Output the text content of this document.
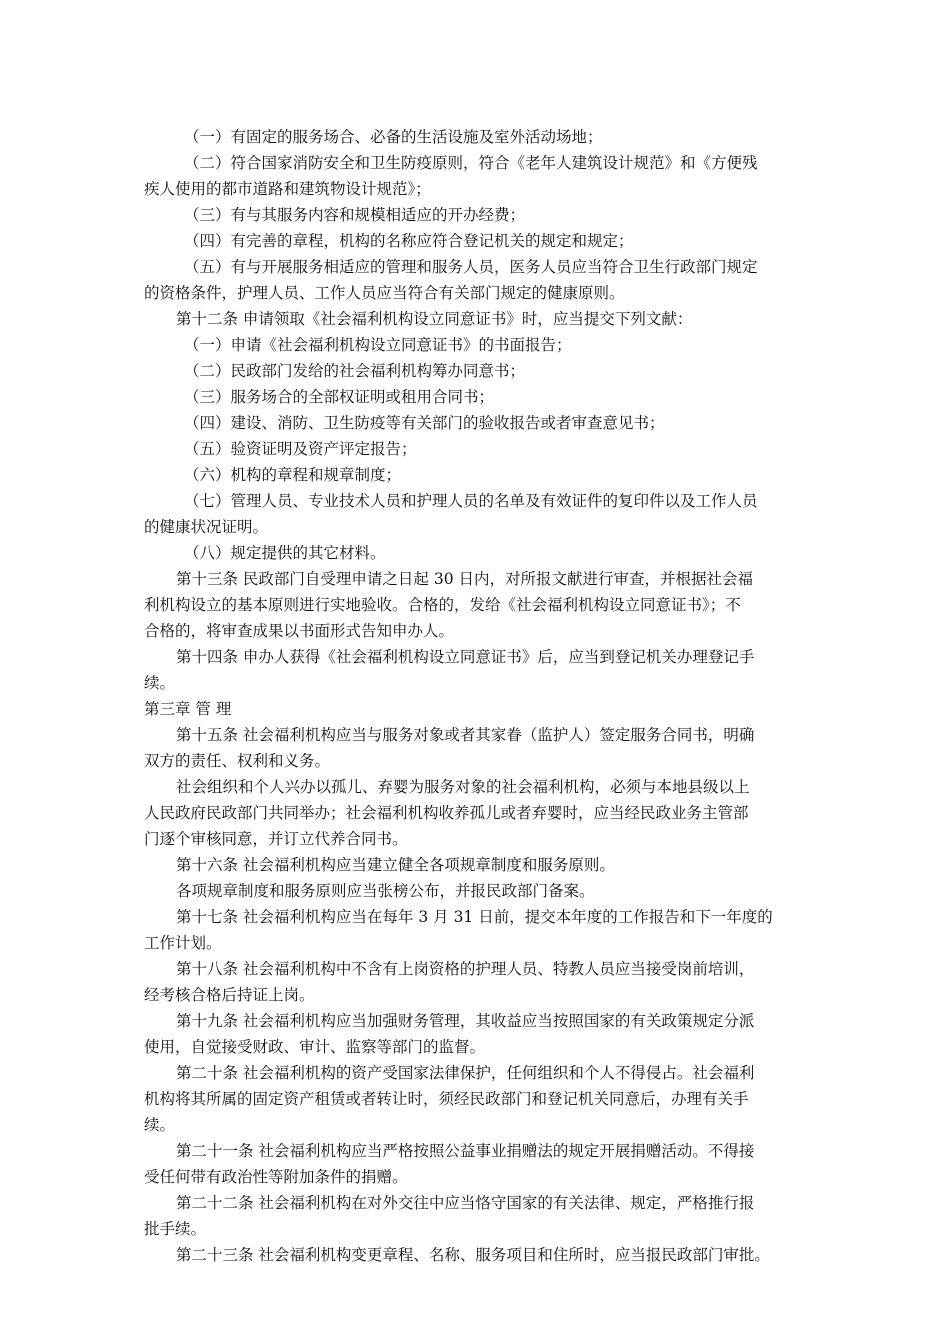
（一）有固定的服务场合、必备的生活设施及室外活动场地；
（二）符合国家消防安全和卫生防疫原则，符合《老年人建筑设计规范》和《方便残
疾人使用的都市道路和建筑物设计规范》；
（三）有与其服务内容和规模相适应的开办经费；
（四）有完善的章程，机构的名称应符合登记机关的规定和规定；
（五）有与开展服务相适应的管理和服务人员，医务人员应当符合卫生行政部门规定
的资格条件，护理人员、工作人员应当符合有关部门规定的健康原则。
第十二条 申请领取《社会福利机构设立同意证书》时，应当提交下列文献：
（一）申请《社会福利机构设立同意证书》的书面报告；
（二）民政部门发给的社会福利机构筹办同意书；
（三）服务场合的全部权证明或租用合同书；
（四）建设、消防、卫生防疫等有关部门的验收报告或者审查意见书；
（五）验资证明及资产评定报告；
（六）机构的章程和规章制度；
（七）管理人员、专业技术人员和护理人员的名单及有效证件的复印件以及工作人员
的健康状况证明。
（八）规定提供的其它材料。
第十三条 民政部门自受理申请之日起 30 日内，对所报文献进行审查，并根据社会福
利机构设立的基本原则进行实地验收。合格的，发给《社会福利机构设立同意证书》；不
合格的，将审查成果以书面形式告知申办人。
第十四条 申办人获得《社会福利机构设立同意证书》后，应当到登记机关办理登记手
续。
第三章 管 理
第十五条 社会福利机构应当与服务对象或者其家眷（监护人）签定服务合同书，明确
双方的责任、权利和义务。
社会组织和个人兴办以孤儿、弃婴为服务对象的社会福利机构，必须与本地县级以上
人民政府民政部门共同举办；社会福利机构收养孤儿或者弃婴时，应当经民政业务主管部
门逐个审核同意，并订立代养合同书。
第十六条 社会福利机构应当建立健全各项规章制度和服务原则。
各项规章制度和服务原则应当张榜公布，并报民政部门备案。
第十七条 社会福利机构应当在每年 3 月 31 日前，提交本年度的工作报告和下一年度的
工作计划。
第十八条 社会福利机构中不含有上岗资格的护理人员、特教人员应当接受岗前培训，
经考核合格后持证上岗。
第十九条 社会福利机构应当加强财务管理，其收益应当按照国家的有关政策规定分派
使用，自觉接受财政、审计、监察等部门的监督。
第二十条 社会福利机构的资产受国家法律保护，任何组织和个人不得侵占。社会福利
机构将其所属的固定资产租赁或者转让时，须经民政部门和登记机关同意后，办理有关手
续。
第二十一条 社会福利机构应当严格按照公益事业捐赠法的规定开展捐赠活动。不得接
受任何带有政治性等附加条件的捐赠。
第二十二条 社会福利机构在对外交往中应当恪守国家的有关法律、规定，严格推行报
批手续。
第二十三条 社会福利机构变更章程、名称、服务项目和住所时，应当报民政部门审批。
